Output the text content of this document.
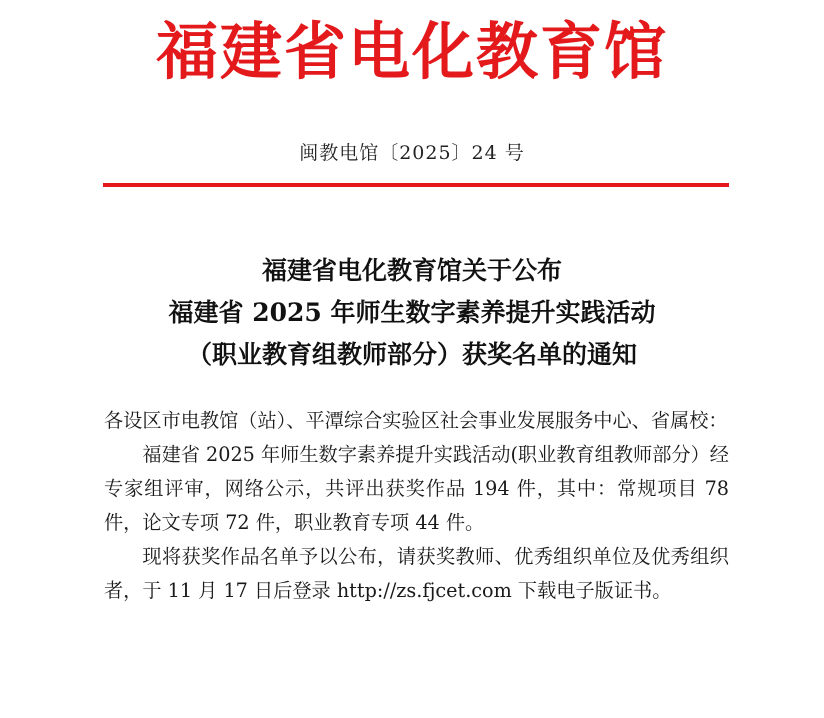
福建省电化教育馆
闽教电馆〔2025〕24 号
福建省电化教育馆关于公布
福建省 2025 年师生数字素养提升实践活动
（职业教育组教师部分）获奖名单的通知

各设区市电教馆（站）、平潭综合实验区社会事业发展服务中心、省属校：

福建省 2025 年师生数字素养提升实践活动(职业教育组教师部分）经专家组评审，网络公示，共评出获奖作品 194 件，其中：常规项目 78 件，论文专项 72 件，职业教育专项 44 件。

现将获奖作品名单予以公布，请获奖教师、优秀组织单位及优秀组织者，于 11 月 17 日后登录 http://zs.fjcet.com 下载电子版证书。
